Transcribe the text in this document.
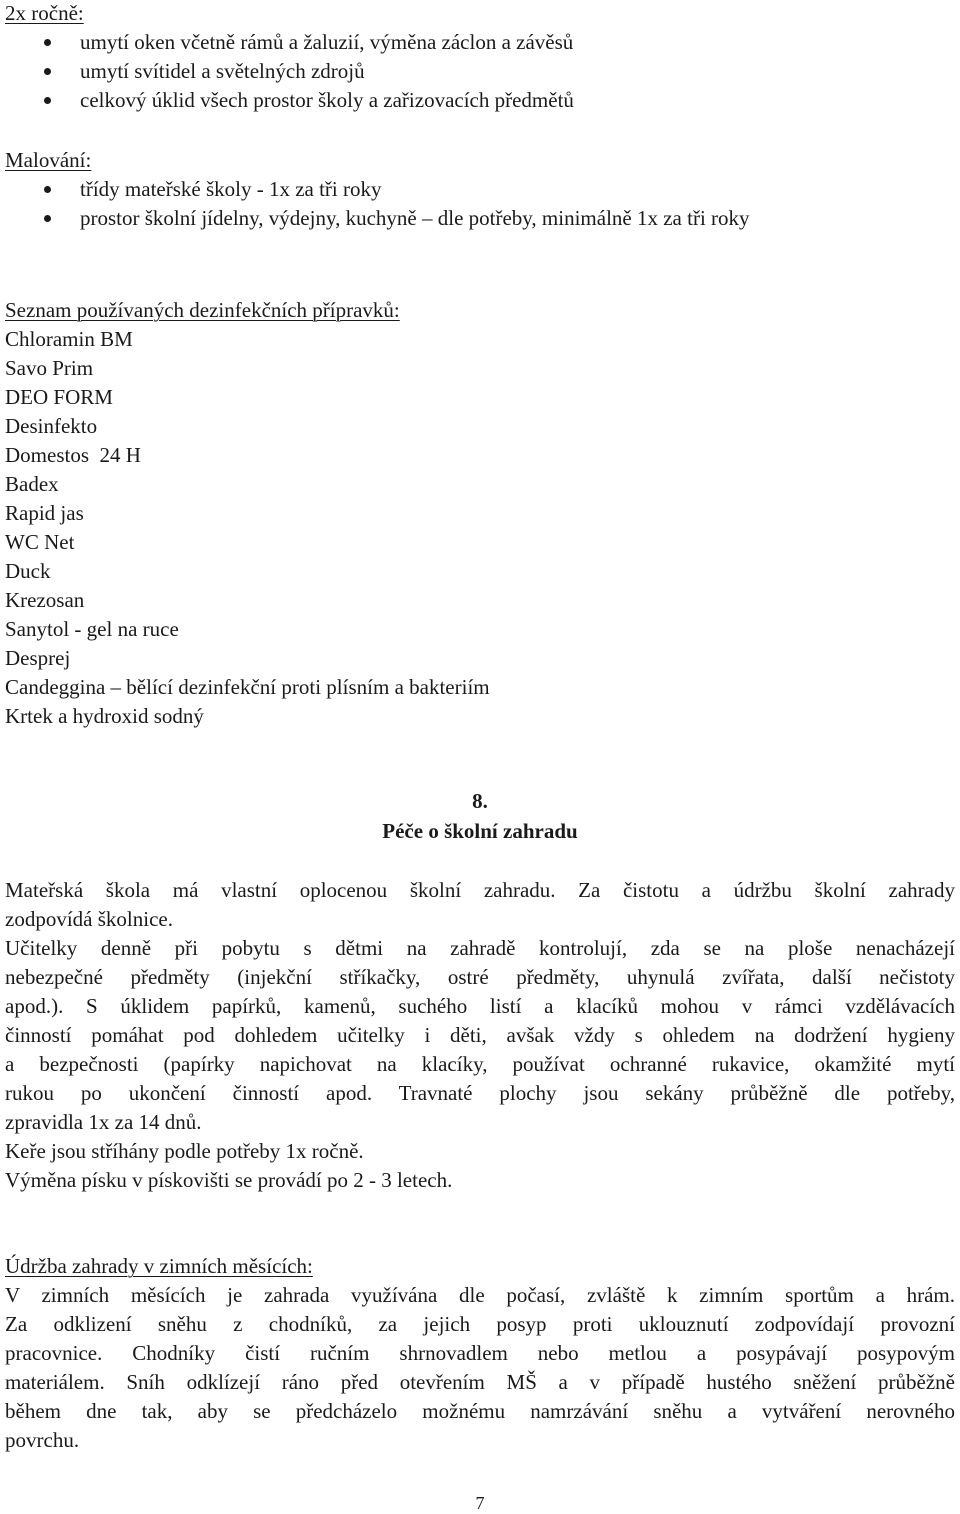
2x ročně:
umytí oken včetně rámů a žaluzií, výměna záclon a závěsů
umytí svítidel a světelných zdrojů
celkový úklid všech prostor školy a zařizovacích předmětů
Malování:
třídy mateřské školy - 1x za tři roky
prostor školní jídelny, výdejny, kuchyně – dle potřeby, minimálně 1x za tři roky
Seznam používaných dezinfekčních přípravků:
Chloramin BM
Savo Prim
DEO FORM
Desinfekto
Domestos  24 H
Badex
Rapid jas
WC Net
Duck
Krezosan
Sanytol - gel na ruce
Desprej
Candeggina – bělící dezinfekční proti plísním a bakteriím
Krtek a hydroxid sodný
8.
Péče o školní zahradu
Mateřská škola má vlastní oplocenou školní zahradu. Za čistotu a údržbu školní zahrady
zodpovídá školnice.
Učitelky denně při pobytu s dětmi na zahradě kontrolují, zda se na ploše nenacházejí
nebezpečné předměty (injekční stříkačky, ostré předměty, uhynulá zvířata, další nečistoty
apod.). S úklidem papírků, kamenů, suchého listí a klacíků mohou v rámci vzdělávacích
činností pomáhat pod dohledem učitelky i děti, avšak vždy s ohledem na dodržení hygieny
a bezpečnosti (papírky napichovat na klacíky, používat ochranné rukavice, okamžité mytí
rukou po ukončení činností apod. Travnaté plochy jsou sekány průběžně dle potřeby,
zpravidla 1x za 14 dnů.
Keře jsou stříhány podle potřeby 1x ročně.
Výměna písku v pískovišti se provádí po 2 - 3 letech.
Údržba zahrady v zimních měsících:
V zimních měsících je zahrada využívána dle počasí, zvláště k zimním sportům a hrám.
Za odklizení sněhu z chodníků, za jejich posyp proti uklouznutí zodpovídají provozní
pracovnice. Chodníky čistí ručním shrnovadlem nebo metlou a posypávají posypovým
materiálem. Sníh odklízejí ráno před otevřením MŠ a v případě hustého sněžení průběžně
během dne tak, aby se předcházelo možnému namrzávání sněhu a vytváření nerovného
povrchu.
7
